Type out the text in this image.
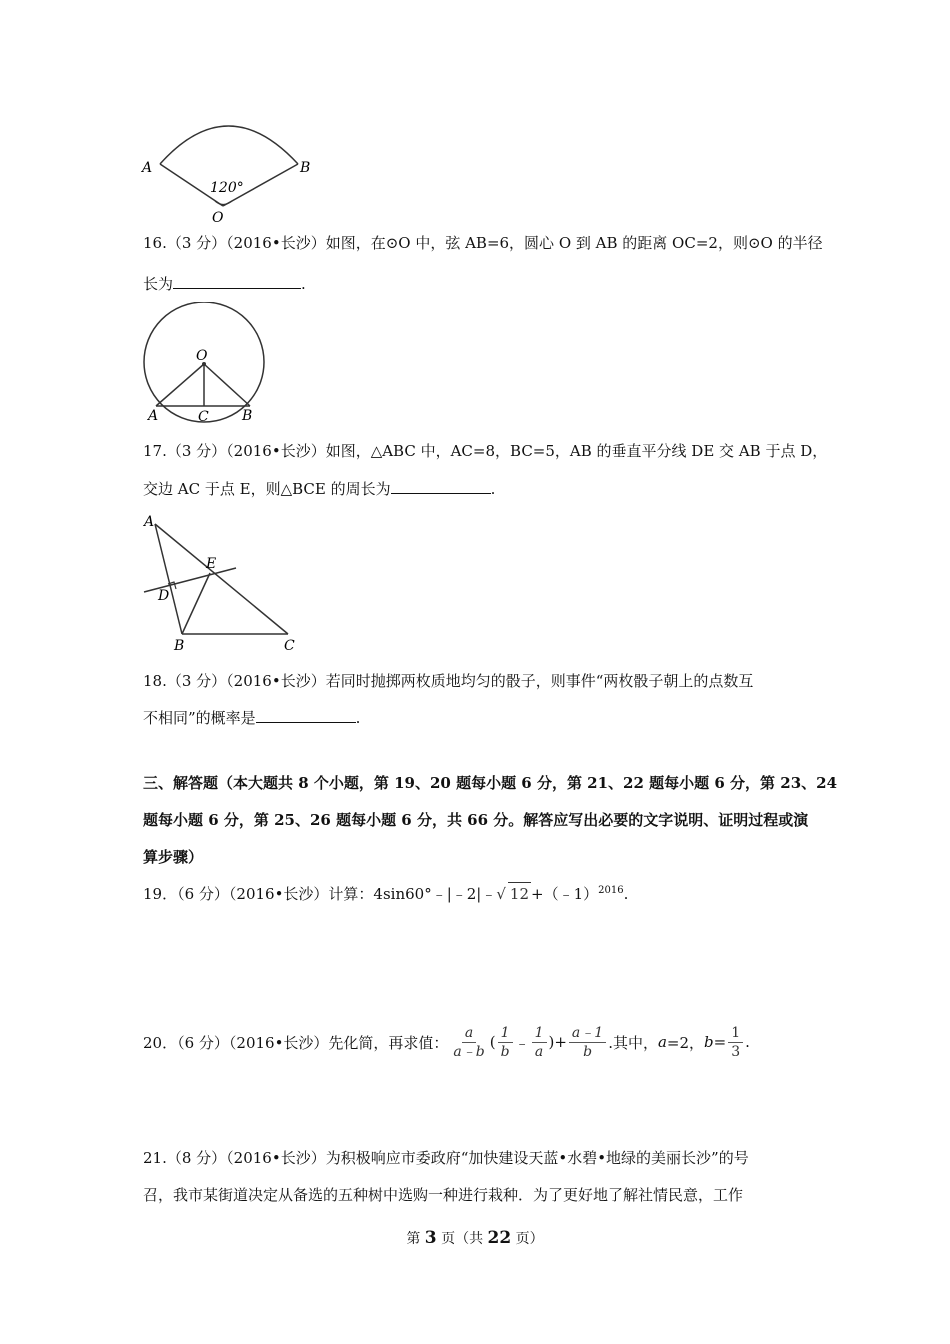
A	B
120°
O
16.（3 分）（2016•长沙）如图，在⊙O 中，弦 AB=6，圆心 O 到 AB 的距离 OC=2，则⊙O 的半径
长为	.
O
A	C B
17.（3 分）（2016•长沙）如图，△ABC 中，AC=8，BC=5，AB 的垂直平分线 DE 交 AB 于点 D，
交边 AC 于点 E，则△BCE 的周长为	.
A
E
D
B	C
18.（3 分）（2016•长沙）若同时抛掷两枚质地均匀的骰子，则事件“两枚骰子朝上的点数互
不相同”的概率是	.
三、解答题（本大题共 8 个小题，第 19、20 题每小题 6 分，第 21、22 题每小题 6 分，第 23、24
题每小题 6 分，第 25、26 题每小题 6 分，共 66 分。解答应写出必要的文字说明、证明过程或演
算步骤）
19．（6 分）（2016•长沙）计算：4sin60°﹣|﹣2|﹣√ 12 +（﹣1）$^{2016}$.
20．（6 分）（2016•长沙）先化简，再求值： $\frac{a}{a﹣b}$ ( $\frac{1}{b}$ ﹣ $\frac{1}{a}$ )+ $\frac{a﹣1}{b}$ .其中， a =2， $b = \frac{1}{3}$ .
21.（8 分）（2016•长沙）为积极响应市委政府“加快建设天蓝•水碧•地绿的美丽长沙”的号
召，我市某街道决定从备选的五种树中选购一种进行栽种．为了更好地了解社情民意，工作
第 3 页（共 22 页）
